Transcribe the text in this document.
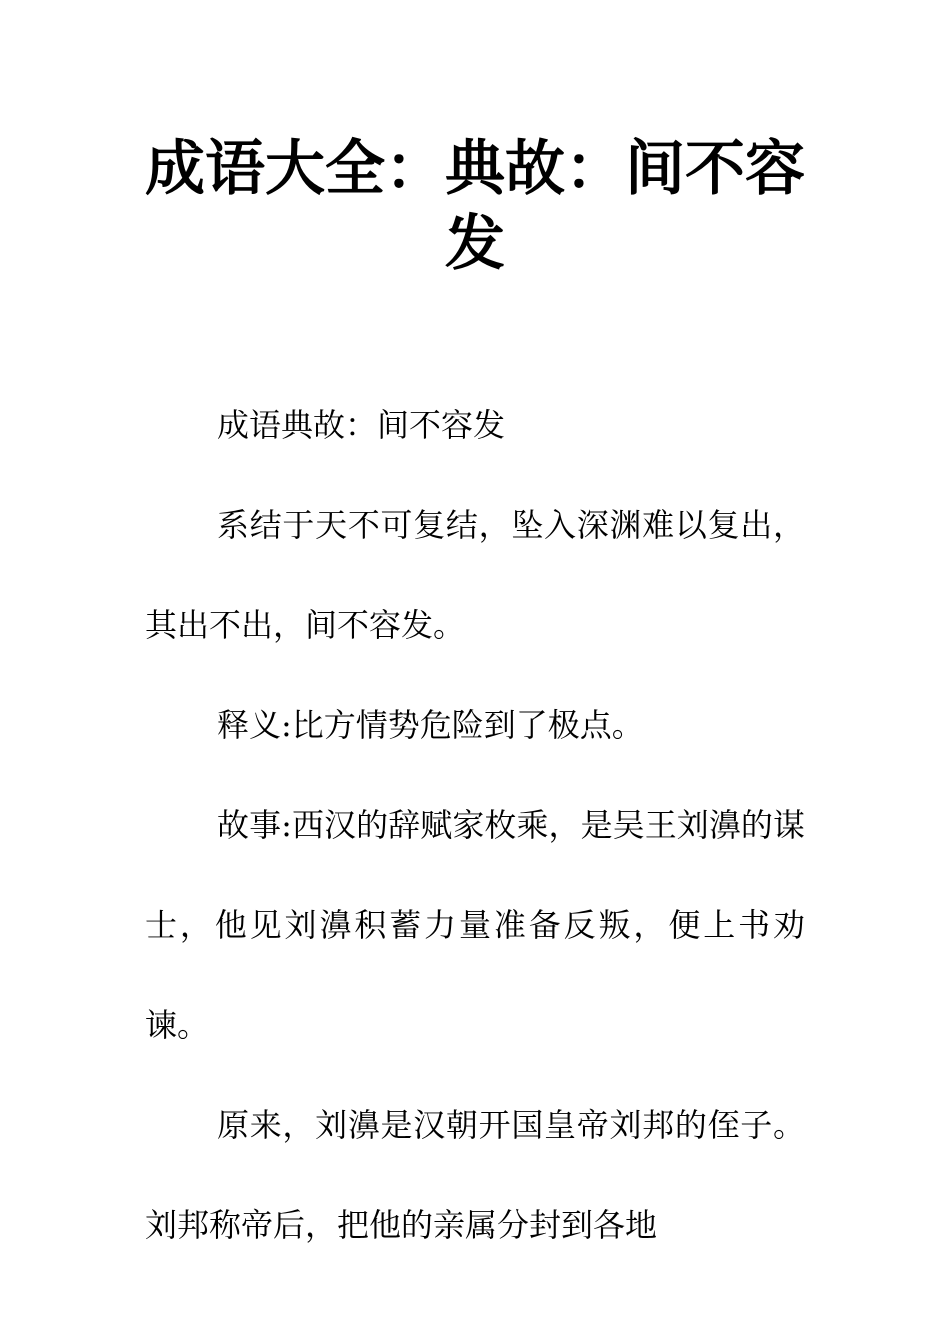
成语大全：典故：间不容发

成语典故：间不容发

系结于天不可复结，坠入深渊难以复出，其出不出，间不容发。

释义:比方情势危险到了极点。

故事:西汉的辞赋家枚乘，是吴王刘濞的谋士，他见刘濞积蓄力量准备反叛，便上书劝谏。

原来，刘濞是汉朝开国皇帝刘邦的侄子。刘邦称帝后，把他的亲属分封到各地
